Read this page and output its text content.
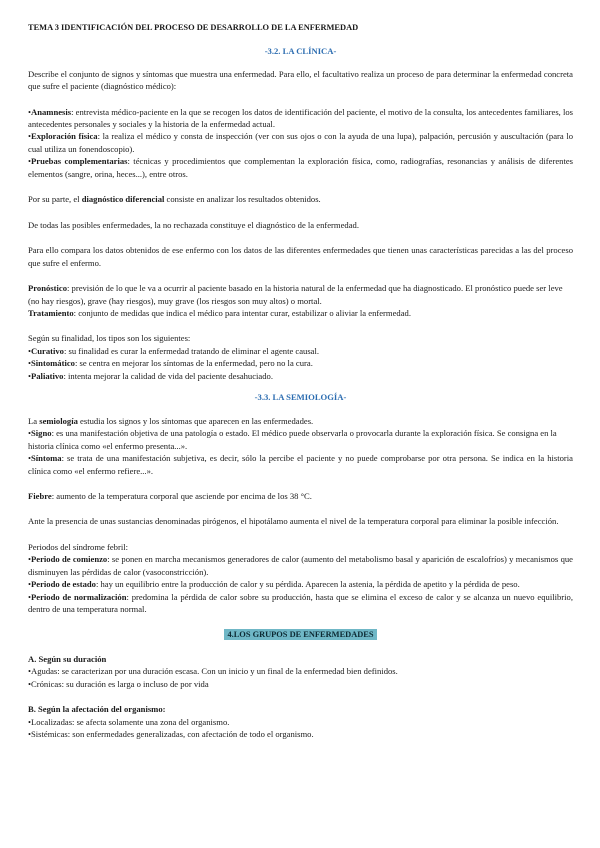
TEMA 3 IDENTIFICACIÓN DEL PROCESO DE DESARROLLO DE LA ENFERMEDAD

-3.2. LA CLÍNICA-

Describe el conjunto de signos y síntomas que muestra una enfermedad. Para ello, el facultativo realiza un proceso de para determinar la enfermedad concreta que sufre el paciente (diagnóstico médico):

• Anamnesis: entrevista médico-paciente en la que se recogen los datos de identificación del paciente, el motivo de la consulta, los antecedentes familiares, los antecedentes personales y sociales y la historia de la enfermedad actual.

• Exploración física: la realiza el médico y consta de inspección (ver con sus ojos o con la ayuda de una lupa), palpación, percusión y auscultación (para lo cual utiliza un fonendoscopio).

• Pruebas complementarias: técnicas y procedimientos que complementan la exploración física, como, radiografías, resonancias y análisis de diferentes elementos (sangre, orina, heces...), entre otros.

Por su parte, el diagnóstico diferencial consiste en analizar los resultados obtenidos.

De todas las posibles enfermedades, la no rechazada constituye el diagnóstico de la enfermedad.

Para ello compara los datos obtenidos de ese enfermo con los datos de las diferentes enfermedades que tienen unas características parecidas a las del proceso que sufre el enfermo.

Pronóstico: previsión de lo que le va a ocurrir al paciente basado en la historia natural de la enfermedad que ha diagnosticado. El pronóstico puede ser leve (no hay riesgos), grave (hay riesgos), muy grave (los riesgos son muy altos) o mortal.

Tratamiento: conjunto de medidas que indica el médico para intentar curar, estabilizar o aliviar la enfermedad.

Según su finalidad, los tipos son los siguientes:

• Curativo: su finalidad es curar la enfermedad tratando de eliminar el agente causal.

• Sintomático: se centra en mejorar los síntomas de la enfermedad, pero no la cura.

• Paliativo: intenta mejorar la calidad de vida del paciente desahuciado.

-3.3. LA SEMIOLOGÍA-

La semiología estudia los signos y los síntomas que aparecen en las enfermedades.

• Signo: es una manifestación objetiva de una patología o estado. El médico puede observarla o provocarla durante la exploración física. Se consigna en la historia clínica como «el enfermo presenta...».

• Síntoma: se trata de una manifestación subjetiva, es decir, sólo la percibe el paciente y no puede comprobarse por otra persona. Se indica en la historia clínica como «el enfermo refiere...».

Fiebre: aumento de la temperatura corporal que asciende por encima de los 38 °C.

Ante la presencia de unas sustancias denominadas pirógenos, el hipotálamo aumenta el nivel de la temperatura corporal para eliminar la posible infección.

Periodos del síndrome febril:

• Periodo de comienzo: se ponen en marcha mecanismos generadores de calor (aumento del metabolismo basal y aparición de escalofríos) y mecanismos que disminuyen las pérdidas de calor (vasoconstricción).

• Periodo de estado: hay un equilibrio entre la producción de calor y su pérdida. Aparecen la astenia, la pérdida de apetito y la pérdida de peso.

• Periodo de normalización: predomina la pérdida de calor sobre su producción, hasta que se elimina el exceso de calor y se alcanza un nuevo equilibrio, dentro de una temperatura normal.

4.LOS GRUPOS DE ENFERMEDADES

A. Según su duración

• Agudas: se caracterizan por una duración escasa. Con un inicio y un final de la enfermedad bien definidos.

• Crónicas: su duración es larga o incluso de por vida

B. Según la afectación del organismo:

• Localizadas: se afecta solamente una zona del organismo.

• Sistémicas: son enfermedades generalizadas, con afectación de todo el organismo.
